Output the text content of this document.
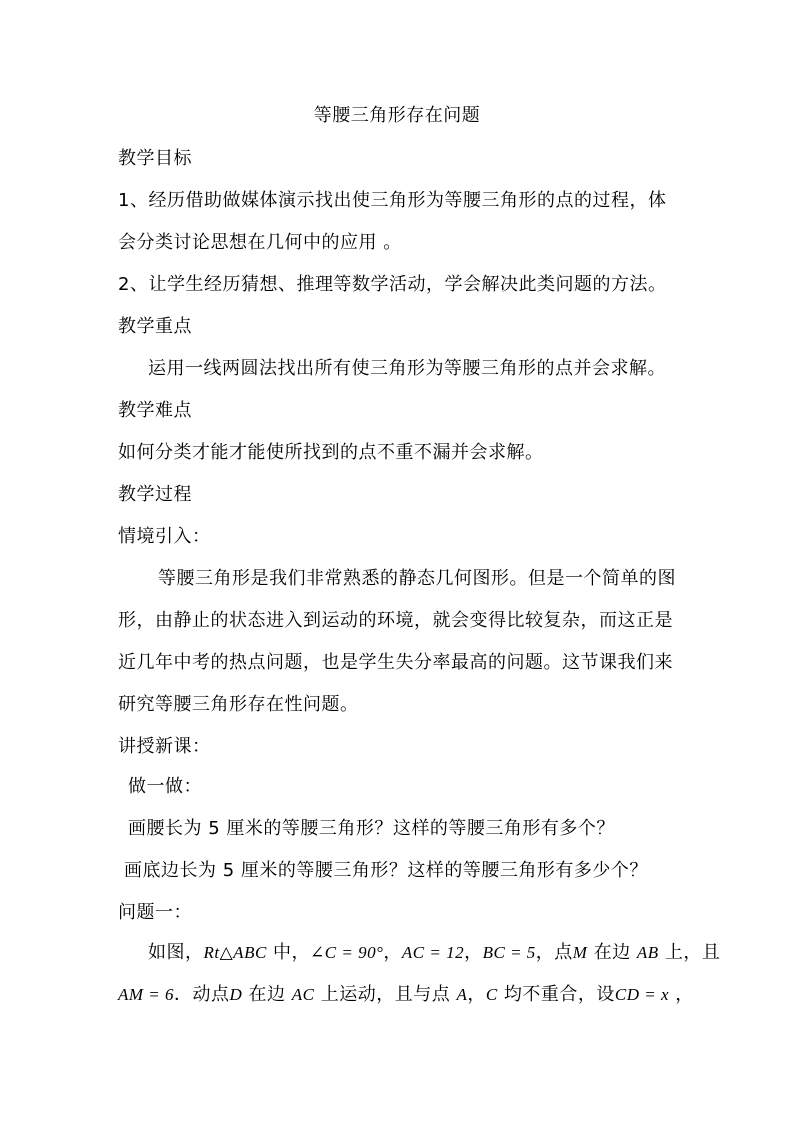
等腰三角形存在问题
教学目标
1、经历借助做媒体演示找出使三角形为等腰三角形的点的过程，体
会分类讨论思想在几何中的应用 。
2、让学生经历猜想、推理等数学活动，学会解决此类问题的方法。
教学重点
运用一线两圆法找出所有使三角形为等腰三角形的点并会求解。
教学难点
如何分类才能才能使所找到的点不重不漏并会求解。
教学过程
情境引入：
等腰三角形是我们非常熟悉的静态几何图形。但是一个简单的图
形，由静止的状态进入到运动的环境，就会变得比较复杂，而这正是
近几年中考的热点问题，也是学生失分率最高的问题。这节课我们来
研究等腰三角形存在性问题。
讲授新课：
做一做：
画腰长为 5 厘米的等腰三角形？这样的等腰三角形有多个？
画底边长为 5 厘米的等腰三角形？这样的等腰三角形有多少个？
问题一：
如图，Rt△ABC 中，∠C = 90°，AC = 12，BC = 5，点M 在边 AB 上，且
AM = 6．动点D 在边 AC 上运动，且与点 A，C 均不重合，设CD = x ，
